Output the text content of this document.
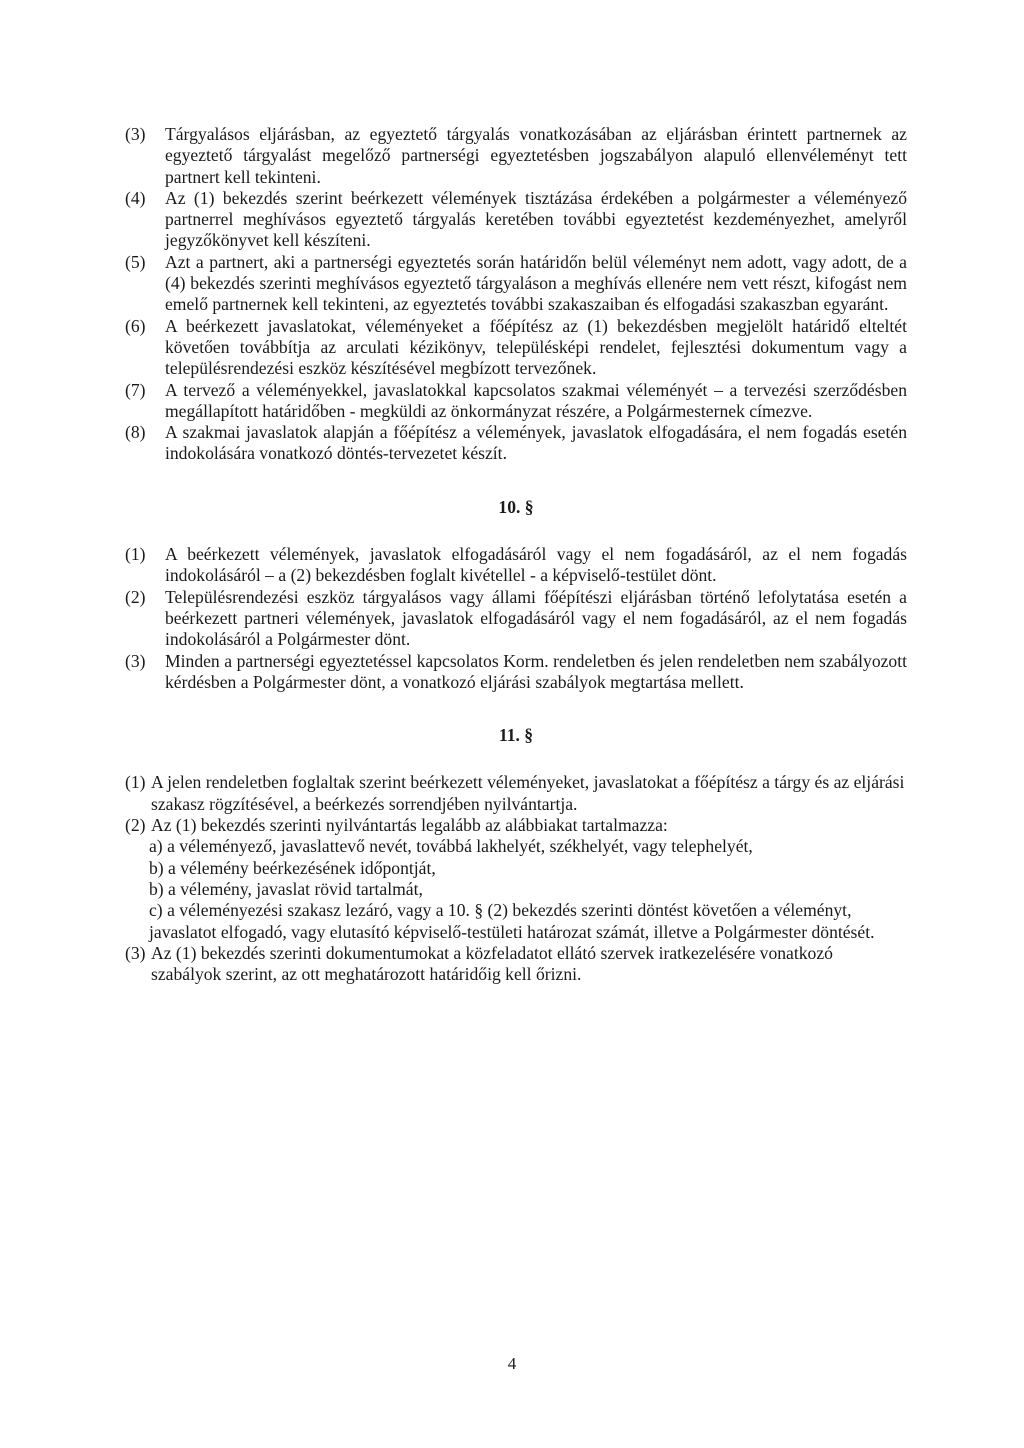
(3)	Tárgyalásos eljárásban, az egyeztető tárgyalás vonatkozásában az eljárásban érintett partnernek az egyeztető tárgyalást megelőző partnerségi egyeztetésben jogszabályon alapuló ellenvéleményt tett partnert kell tekinteni.
(4)	Az (1) bekezdés szerint beérkezett vélemények tisztázása érdekében a polgármester a véleményező partnerrel meghívásos egyeztető tárgyalás keretében további egyeztetést kezdeményezhet, amelyről jegyzőkönyvet kell készíteni.
(5)	Azt a partnert, aki a partnerségi egyeztetés során határidőn belül véleményt nem adott, vagy adott, de a (4) bekezdés szerinti meghívásos egyeztető tárgyaláson a meghívás ellenére nem vett részt, kifogást nem emelő partnernek kell tekinteni, az egyeztetés további szakaszaiban és elfogadási szakaszban egyaránt.
(6)	A beérkezett javaslatokat, véleményeket a főépítész az (1) bekezdésben megjelölt határidő elteltét követően továbbítja az arculati kézikönyv, településképi rendelet, fejlesztési dokumentum vagy a településrendezési eszköz készítésével megbízott tervezőnek.
(7)	A tervező a véleményekkel, javaslatokkal kapcsolatos szakmai véleményét – a tervezési szerződésben megállapított határidőben - megküldi az önkormányzat részére, a Polgármesternek címezve.
(8)	A szakmai javaslatok alapján a főépítész a vélemények, javaslatok elfogadására, el nem fogadás esetén indokolására vonatkozó döntés-tervezetet készít.
10. §
(1)	A beérkezett vélemények, javaslatok elfogadásáról vagy el nem fogadásáról, az el nem fogadás indokolásáról – a (2) bekezdésben foglalt kivétellel - a képviselő-testület dönt.
(2)	Településrendezési eszköz tárgyalásos vagy állami főépítészi eljárásban történő lefolytatása esetén a beérkezett partneri vélemények, javaslatok elfogadásáról vagy el nem fogadásáról, az el nem fogadás indokolásáról a Polgármester dönt.
(3)	Minden a partnerségi egyeztetéssel kapcsolatos Korm. rendeletben és jelen rendeletben nem szabályozott kérdésben a Polgármester dönt, a vonatkozó eljárási szabályok megtartása mellett.
11. §
(1) A jelen rendeletben foglaltak szerint beérkezett véleményeket, javaslatokat a főépítész a tárgy és az eljárási szakasz rögzítésével, a beérkezés sorrendjében nyilvántartja.
(2) Az (1) bekezdés szerinti nyilvántartás legalább az alábbiakat tartalmazza:
a) a véleményező, javaslattevő nevét, továbbá lakhelyét, székhelyét, vagy telephelyét,
b) a vélemény beérkezésének időpontját,
b) a vélemény, javaslat rövid tartalmát,
c) a véleményezési szakasz lezáró, vagy a 10. § (2) bekezdés szerinti döntést követően a véleményt, javaslatot elfogadó, vagy elutasító képviselő-testületi határozat számát, illetve a Polgármester döntését.
(3) Az (1) bekezdés szerinti dokumentumokat a közfeladatot ellátó szervek iratkezelésére vonatkozó szabályok szerint, az ott meghatározott határidőig kell őrizni.
4
